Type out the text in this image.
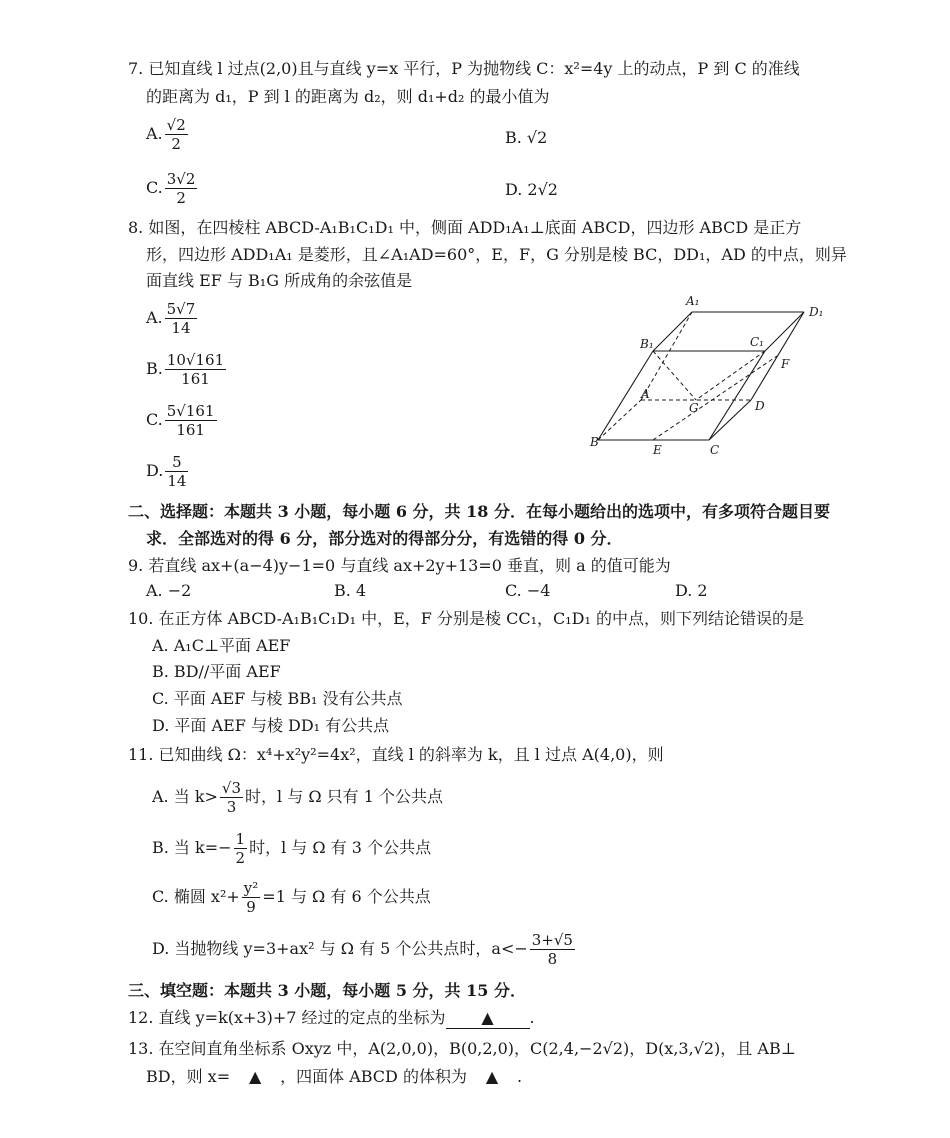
7. 已知直线 l 过点(2,0)且与直线 y=x 平行，P 为抛物线 C：x²=4y 上的动点，P 到 C 的准线
的距离为 d₁，P 到 l 的距离为 d₂，则 d₁+d₂ 的最小值为
A. $\frac{√2}{2}$	B. √2
C. $\frac{3√2}{2}$	D. 2√2
8. 如图，在四棱柱 ABCD-A₁B₁C₁D₁ 中，侧面 ADD₁A₁⊥底面 ABCD，四边形 ABCD 是正方
形，四边形 ADD₁A₁ 是菱形，且∠A₁AD=60°，E，F，G 分别是棱 BC，DD₁，AD 的中点，则异
面直线 EF 与 B₁G 所成角的余弦值是
A. $\frac{5√7}{14}$
B. $\frac{10√161}{161}$
C. $\frac{5√161}{161}$
D. $\frac{5}{14}$
A₁
D₁
B₁	C₁
F
A
G	D
B
E	C
二、选择题：本题共 3 小题，每小题 6 分，共 18 分．在每小题给出的选项中，有多项符合题目要
求．全部选对的得 6 分，部分选对的得部分分，有选错的得 0 分．
9. 若直线 ax+(a−4)y−1=0 与直线 ax+2y+13=0 垂直，则 a 的值可能为
A. −2	B. 4	C. −4	D. 2
10. 在正方体 ABCD-A₁B₁C₁D₁ 中，E，F 分别是棱 CC₁，C₁D₁ 的中点，则下列结论错误的是
A. A₁C⊥平面 AEF
B. BD//平面 AEF
C. 平面 AEF 与棱 BB₁ 没有公共点
D. 平面 AEF 与棱 DD₁ 有公共点
11. 已知曲线 Ω：x⁴+x²y²=4x²，直线 l 的斜率为 k，且 l 过点 A(4,0)，则
A. 当 $k> \frac{√3}{3}$ 时，l 与 Ω 只有 1 个公共点
B. 当 $k=- \frac{1}{2}$ 时，l 与 Ω 有 3 个公共点
C. 椭圆 $x^2+ \frac{\text{y²}}{9} =1$ 与 Ω 有 6 个公共点
D. 当抛物线 y=3+ax² 与 Ω 有 5 个公共点时，$a<- \frac{3+√5}{8}$
三、填空题：本题共 3 小题，每小题 5 分，共 15 分．
12. 直线 y=k(x+3)+7 经过的定点的坐标为 ▲ .
13. 在空间直角坐标系 Oxyz 中，A(2,0,0)，B(0,2,0)，C(2,4,−2√2)，D(x,3,√2)，且 AB⊥
BD，则 x= ▲ ，四面体 ABCD 的体积为 ▲ .
